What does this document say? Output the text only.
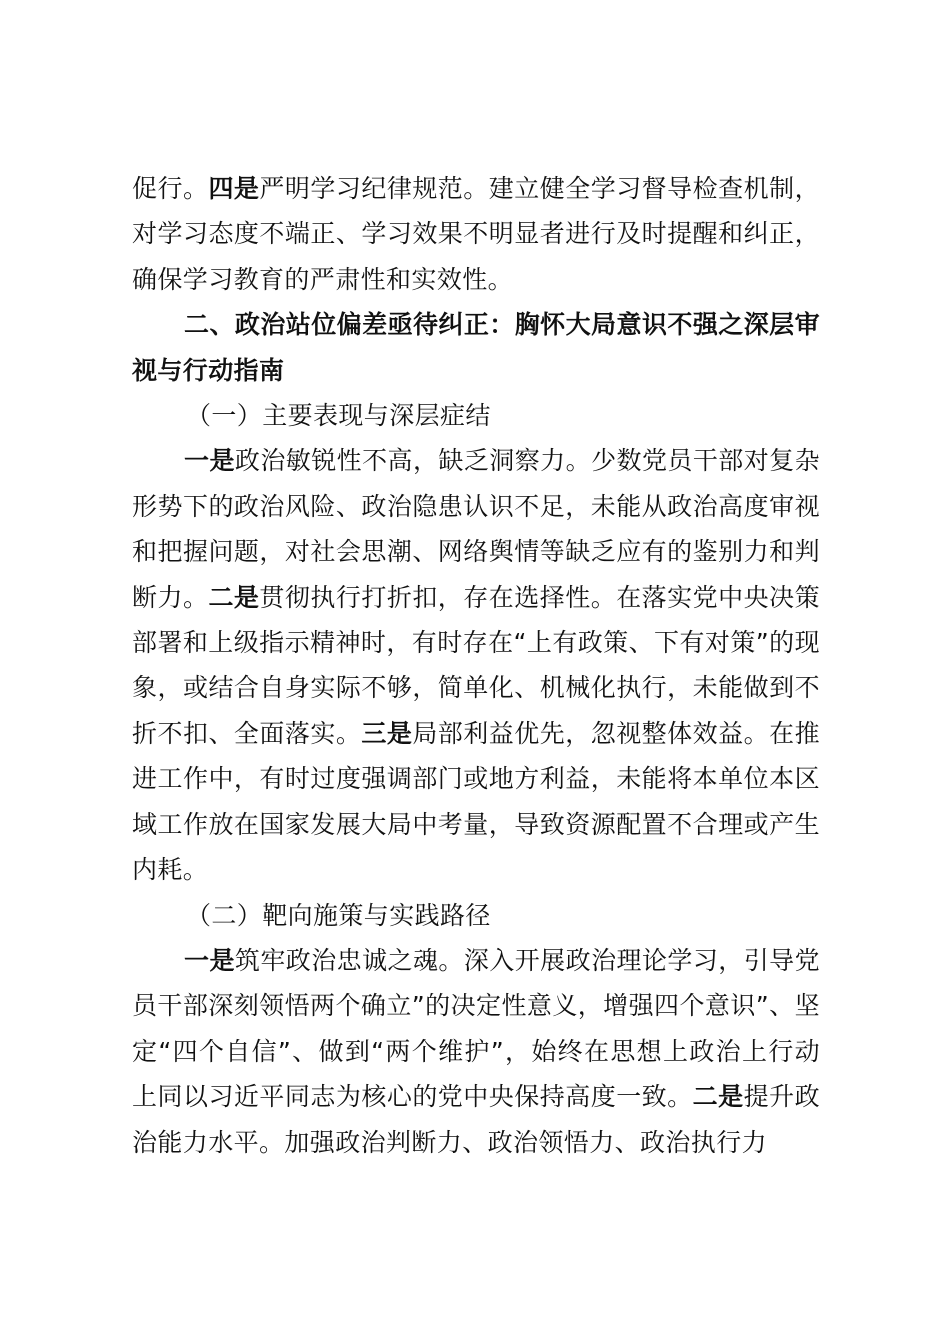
促行。四是严明学习纪律规范。建立健全学习督导检查机制，对学习态度不端正、学习效果不明显者进行及时提醒和纠正，确保学习教育的严肃性和实效性。

二、政治站位偏差亟待纠正：胸怀大局意识不强之深层审视与行动指南

（一）主要表现与深层症结

一是政治敏锐性不高，缺乏洞察力。少数党员干部对复杂形势下的政治风险、政治隐患认识不足，未能从政治高度审视和把握问题，对社会思潮、网络舆情等缺乏应有的鉴别力和判断力。二是贯彻执行打折扣，存在选择性。在落实党中央决策部署和上级指示精神时，有时存在“上有政策、下有对策”的现象，或结合自身实际不够，简单化、机械化执行，未能做到不折不扣、全面落实。三是局部利益优先，忽视整体效益。在推进工作中，有时过度强调部门或地方利益，未能将本单位本区域工作放在国家发展大局中考量，导致资源配置不合理或产生内耗。

（二）靶向施策与实践路径

一是筑牢政治忠诚之魂。深入开展政治理论学习，引导党员干部深刻领悟两个确立”的决定性意义，增强四个意识”、坚定“四个自信”、做到“两个维护”，始终在思想上政治上行动上同以习近平同志为核心的党中央保持高度一致。二是提升政治能力水平。加强政治判断力、政治领悟力、政治执行力
